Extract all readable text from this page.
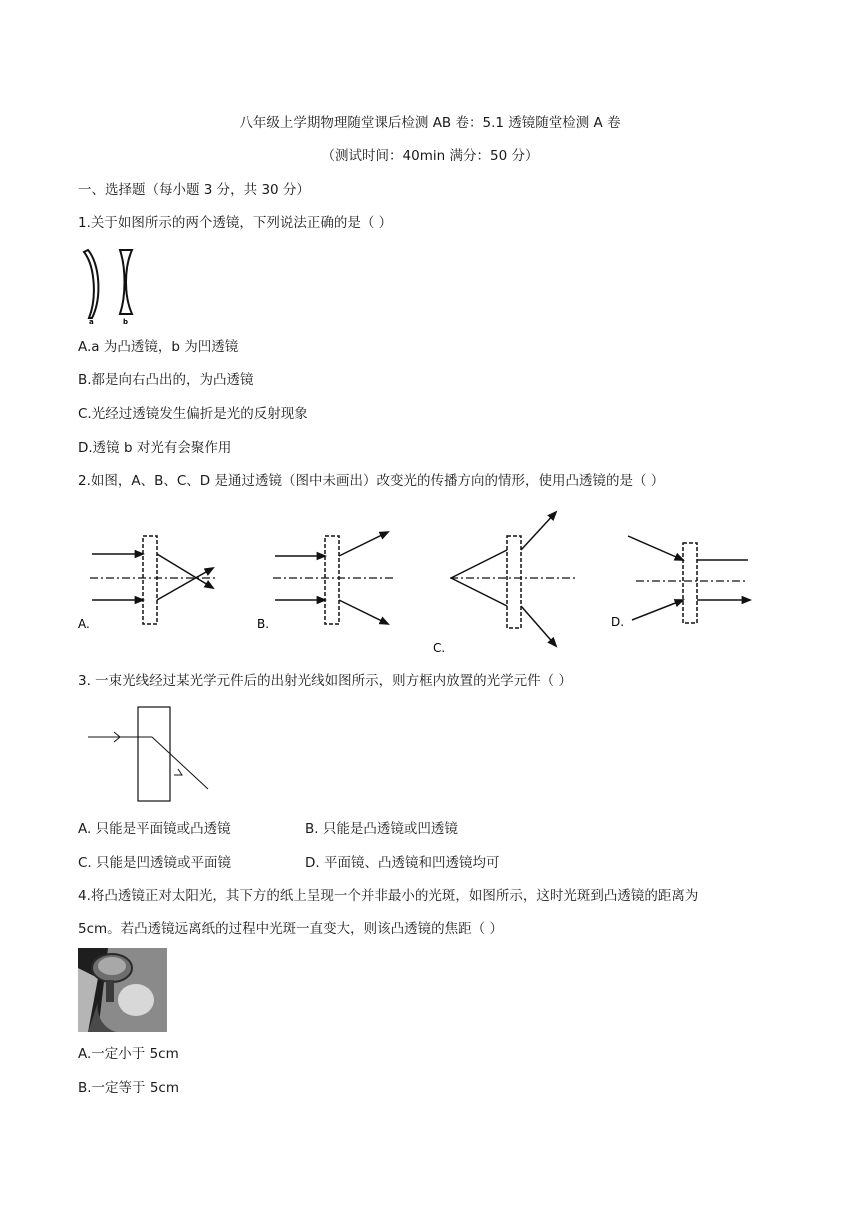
八年级上学期物理随堂课后检测 AB 卷：5.1 透镜随堂检测 A 卷
（测试时间：40min 满分：50 分）
一、选择题（每小题 3 分，共 30 分）
1.关于如图所示的两个透镜，下列说法正确的是（ ）
a	b
A.a 为凸透镜，b 为凹透镜
B.都是向右凸出的，为凸透镜
C.光经过透镜发生偏折是光的反射现象
D.透镜 b 对光有会聚作用
2.如图，A、B、C、D 是通过透镜（图中未画出）改变光的传播方向的情形，使用凸透镜的是（ ）
A.	B.
C.
D.
3. 一束光线经过某光学元件后的出射光线如图所示，则方框内放置的光学元件（ ）
A. 只能是平面镜或凸透镜	B. 只能是凸透镜或凹透镜
C. 只能是凹透镜或平面镜	D. 平面镜、凸透镜和凹透镜均可
4.将凸透镜正对太阳光，其下方的纸上呈现一个并非最小的光斑，如图所示，这时光斑到凸透镜的距离为
5cm。若凸透镜远离纸的过程中光斑一直变大，则该凸透镜的焦距（ ）
A.一定小于 5cm
B.一定等于 5cm
